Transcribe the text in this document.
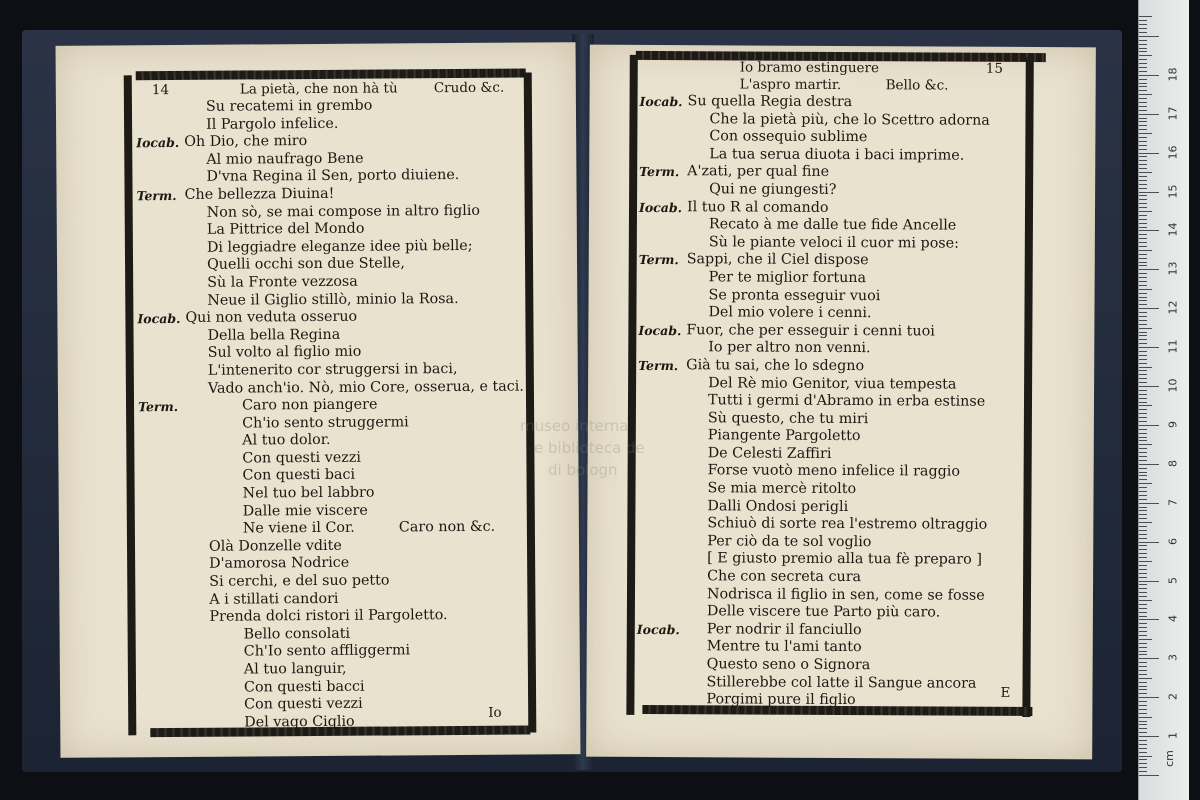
14	La pietà, che non hà tù	Crudo &c.
Su recatemi in grembo
Il Pargolo infelice.
Iocab. Oh Dio, che miro
Al mio naufrago Bene
D'vna Regina il Sen, porto diuiene.
Term. Che bellezza Diuina!
Non sò, se mai compose in altro figlio
La Pittrice del Mondo
Di leggiadre eleganze idee più belle;
Quelli occhi son due Stelle,
Sù la Fronte vezzosa
Neue il Giglio stillò, minio la Rosa.
Iocab. Qui non veduta osseruo
Della bella Regina
Sul volto al figlio mio
L'intenerito cor struggersi in baci,
Vado anch'io. Nò, mio Core, osserua, e taci.
Term.	Caro non piangere
Ch'io sento struggermi
Al tuo dolor.
Con questi vezzi
Con questi baci
Nel tuo bel labbro
Dalle mie viscere
Ne viene il Cor.	Caro non &c.
Olà Donzelle vdite
D'amorosa Nodrice
Si cerchi, e del suo petto
A i stillati candori
Prenda dolci ristori il Pargoletto.
Bello consolati
Ch'Io sento affliggermi
Al tuo languir,
Con questi bacci
Con questi vezzi
Del vago Ciglio
Io
Io bramo estinguere	15
L'aspro martir.	Bello &c.
Iocab. Su quella Regia destra
Che la pietà più, che lo Scettro adorna
Con ossequio sublime
La tua serua diuota i baci imprime.
Term. A'zati, per qual fine
Qui ne giungesti?
Iocab. Il tuo R al comando
Recato à me dalle tue fide Ancelle
Sù le piante veloci il cuor mi pose:
Term. Sappi, che il Ciel dispose
Per te miglior fortuna
Se pronta esseguir vuoi
Del mio volere i cenni.
Iocab. Fuor, che per esseguir i cenni tuoi
Io per altro non venni.
Term. Già tu sai, che lo sdegno
Del Rè mio Genitor, viua tempesta
Tutti i germi d'Abramo in erba estinse
Sù questo, che tu miri
Piangente Pargoletto
De Celesti Zaffiri
Forse vuotò meno infelice il raggio
Se mia mercè ritolto
Dalli Ondosi perigli
Schiuò di sorte rea l'estremo oltraggio
Per ciò da te sol voglio
[ E giusto premio alla tua fè preparo ]
Che con secreta cura
Nodrisca il figlio in sen, come se fosse
Delle viscere tue Parto più caro.
Iocab. Per nodrir il fanciullo
Mentre tu l'ami tanto
Questo seno o Signora
Stillerebbe col latte il Sangue ancora
Porgimi pure il figlio	E
museo interna
e biblioteca de
di bologn
cm
1
2
3
4
5
6
7
8
9
10
11
12
13
14
15
16
17
18
